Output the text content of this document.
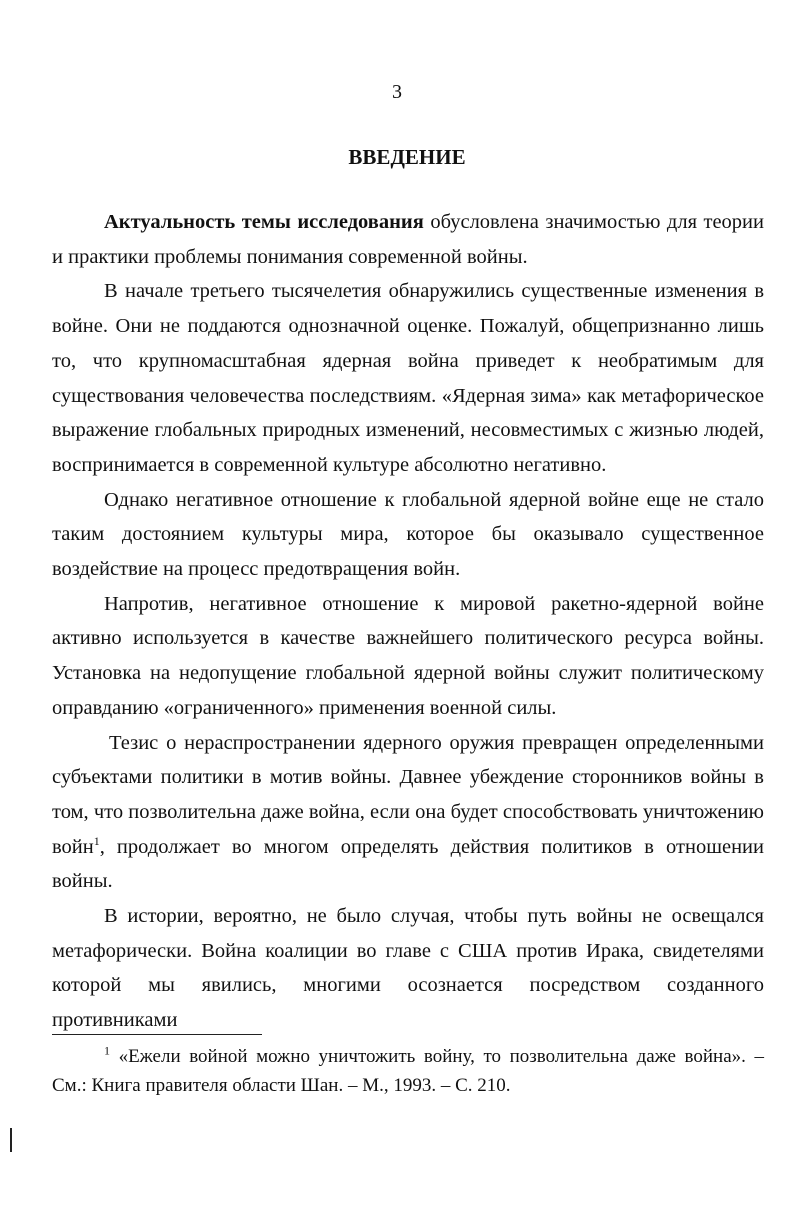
3
ВВЕДЕНИЕ

Актуальность темы исследования обусловлена значимостью для теории и практики проблемы понимания современной войны.

В начале третьего тысячелетия обнаружились существенные изменения в войне. Они не поддаются однозначной оценке. Пожалуй, общепризнанно лишь то, что крупномасштабная ядерная война приведет к необратимым для существования человечества последствиям. «Ядерная зима» как метафорическое выражение глобальных природных изменений, несовместимых с жизнью людей, воспринимается в современной культуре абсолютно негативно.

Однако негативное отношение к глобальной ядерной войне еще не стало таким достоянием культуры мира, которое бы оказывало существенное воздействие на процесс предотвращения войн.

Напротив, негативное отношение к мировой ракетно-ядерной войне активно используется в качестве важнейшего политического ресурса войны. Установка на недопущение глобальной ядерной войны служит политическому оправданию «ограниченного» применения военной силы.

Тезис о нераспространении ядерного оружия превращен определенными субъектами политики в мотив войны. Давнее убеждение сторонников войны в том, что позволительна даже война, если она будет способствовать уничтожению войн$^1$, продолжает во многом определять действия политиков в отношении войны.

В истории, вероятно, не было случая, чтобы путь войны не освещался метафорически. Война коалиции во главе с США против Ирака, свидетелями которой мы явились, многими осознается посредством созданного противниками

$^1$ «Ежели войной можно уничтожить войну, то позволительна даже война». – См.: Книга правителя области Шан. – М., 1993. – С. 210.
